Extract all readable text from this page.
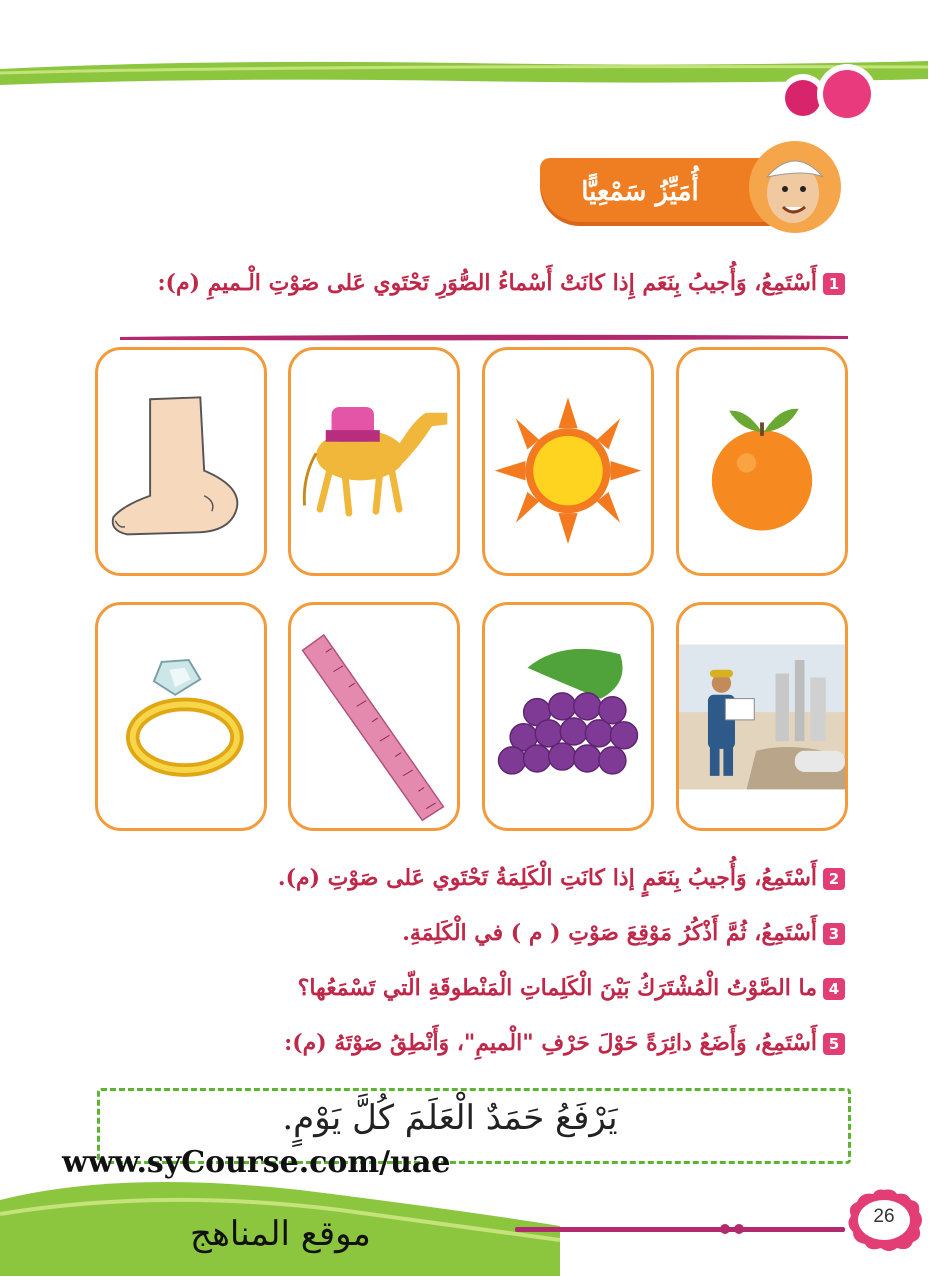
أُمَيِّزُ سَمْعِيًّا
1أَسْتَمِعُ، وَأُجيبُ بِنَعَم إِذا كانَتْ أَسْماءُ الصُّوَرِ تَحْتَوي عَلى صَوْتِ الْـميمِ (م):
2أَسْتَمِعُ، وَأُجيبُ بِنَعَمٍ إذا كانَتِ الْكَلِمَةُ تَحْتَوي عَلى صَوْتِ (م).
3أَسْتَمِعُ، ثُمَّ أَذْكُرُ مَوْقِعَ صَوْتِ ( م ) في الْكَلِمَةِ.
4ما الصَّوْتُ الْمُشْتَرَكُ بَيْنَ الْكَلِماتِ الْمَنْطوقَةِ الّتي تَسْمَعُها؟
5أَسْتَمِعُ، وَأَضَعُ دائِرَةً حَوْلَ حَرْفِ "الْميمِ"، وَأَنْطِقُ صَوْتَهُ (م):
يَرْفَعُ حَمَدٌ الْعَلَمَ كُلَّ يَوْمٍ.
26
www.syCourse.com/uae
موقع المناهج
